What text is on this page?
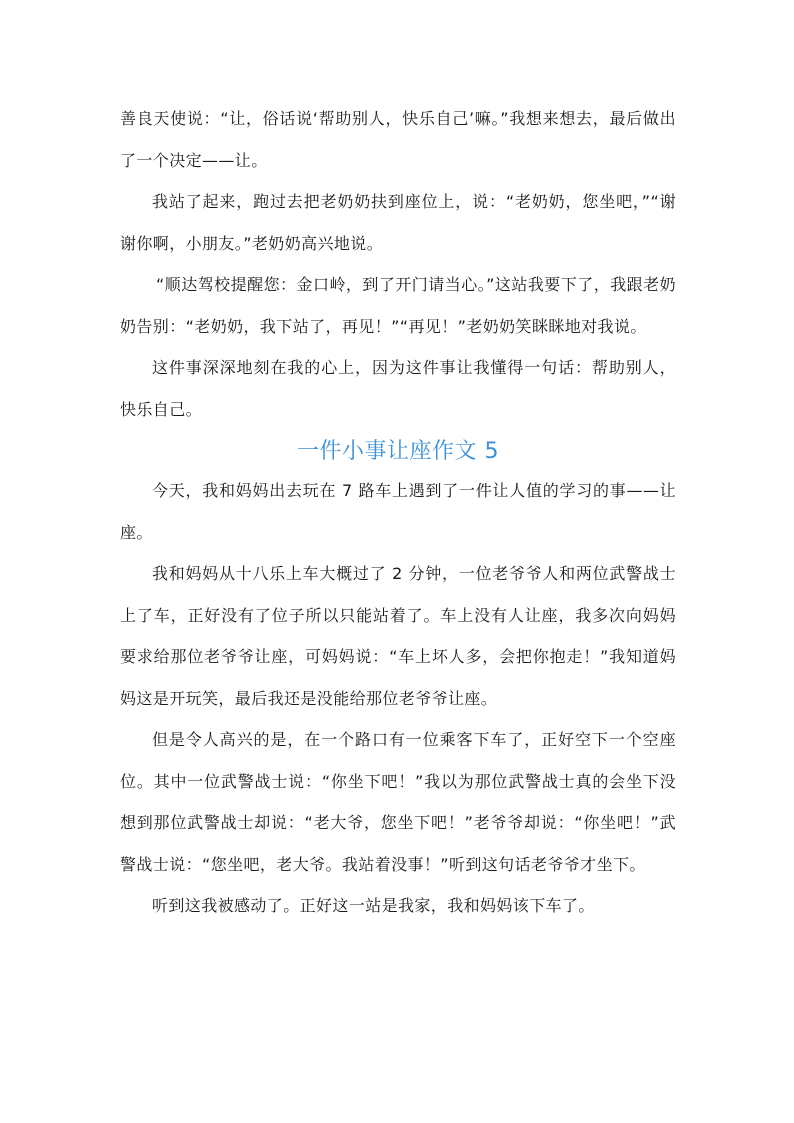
善良天使说：“让，俗话说‘帮助别人，快乐自己’嘛。”我想来想去，最后做出了一个决定——让。

我站了起来，跑过去把老奶奶扶到座位上，说：“老奶奶，您坐吧，”“谢谢你啊，小朋友。”老奶奶高兴地说。

“顺达驾校提醒您：金口岭，到了开门请当心。”这站我要下了，我跟老奶奶告别：“老奶奶，我下站了，再见！”“再见！”老奶奶笑眯眯地对我说。

这件事深深地刻在我的心上，因为这件事让我懂得一句话：帮助别人，快乐自己。

一件小事让座作文 5

今天，我和妈妈出去玩在 7 路车上遇到了一件让人值的学习的事——让座。

我和妈妈从十八乐上车大概过了 2 分钟，一位老爷爷人和两位武警战士上了车，正好没有了位子所以只能站着了。车上没有人让座，我多次向妈妈要求给那位老爷爷让座，可妈妈说：“车上坏人多，会把你抱走！”我知道妈妈这是开玩笑，最后我还是没能给那位老爷爷让座。

但是令人高兴的是，在一个路口有一位乘客下车了，正好空下一个空座位。其中一位武警战士说：“你坐下吧！”我以为那位武警战士真的会坐下没想到那位武警战士却说：“老大爷，您坐下吧！”老爷爷却说：“你坐吧！”武警战士说：“您坐吧，老大爷。我站着没事！”听到这句话老爷爷才坐下。

听到这我被感动了。正好这一站是我家，我和妈妈该下车了。
